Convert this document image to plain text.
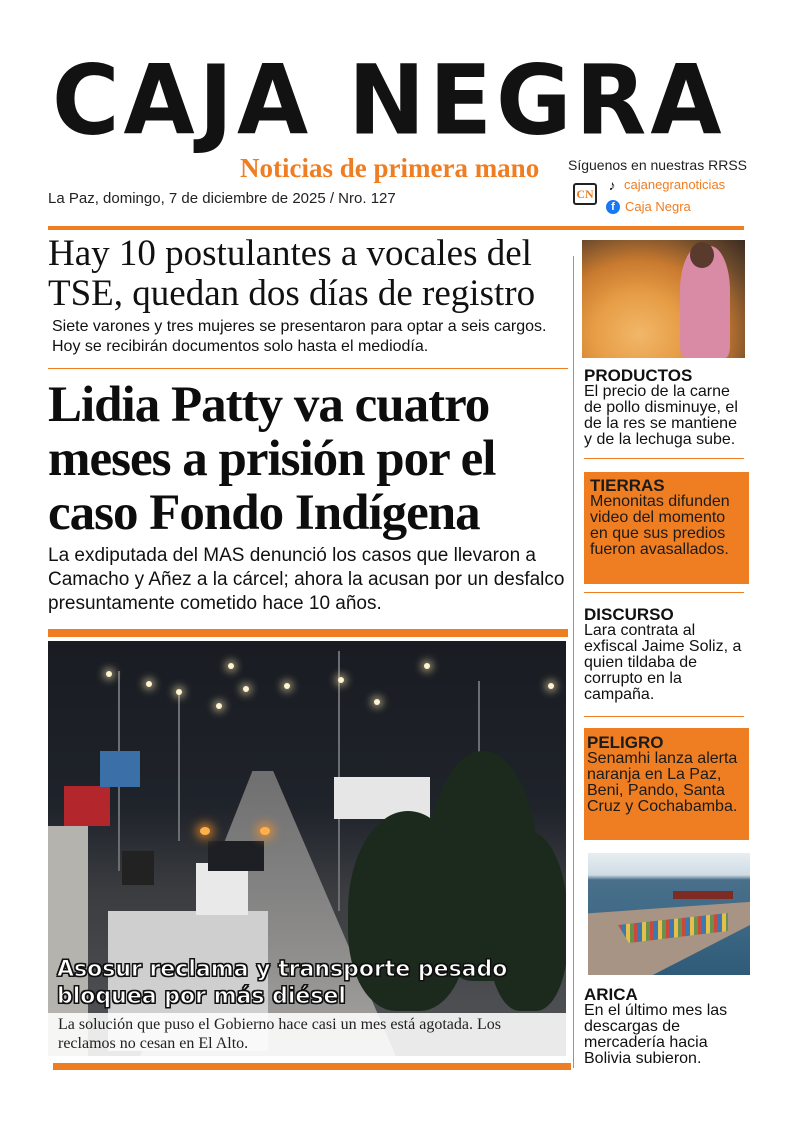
CAJA NEGRA
Noticias de primera mano
La Paz, domingo, 7 de diciembre de 2025 / Nro. 127
Síguenos en nuestras RRSS
CN
♪ cajanegranoticias
f Caja Negra
Hay 10 postulantes a vocales del TSE, quedan dos días de registro
Siete varones y tres mujeres se presentaron para optar a seis cargos. Hoy se recibirán documentos solo hasta el mediodía.
Lidia Patty va cuatro meses a prisión por el caso Fondo Indígena
La exdiputada del MAS denunció los casos que llevaron a Camacho y Añez a la cárcel; ahora la acusan por un desfalco presuntamente cometido hace 10 años.
La solución que puso el Gobierno hace casi un mes está agotada. Los reclamos no cesan en El Alto.
Asosur reclama y transporte pesado bloquea por más diésel
PRODUCTOS
El precio de la carne de pollo disminuye, el de la res se mantiene y de la lechuga sube.
TIERRAS
Menonitas difunden video del momento en que sus predios fueron avasallados.
DISCURSO
Lara contrata al exfiscal Jaime Soliz, a quien tildaba de corrupto en la campaña.
PELIGRO
Senamhi lanza alerta naranja en La Paz, Beni, Pando, Santa Cruz y Cochabamba.
ARICA
En el último mes las descargas de mercadería hacia Bolivia subieron.
